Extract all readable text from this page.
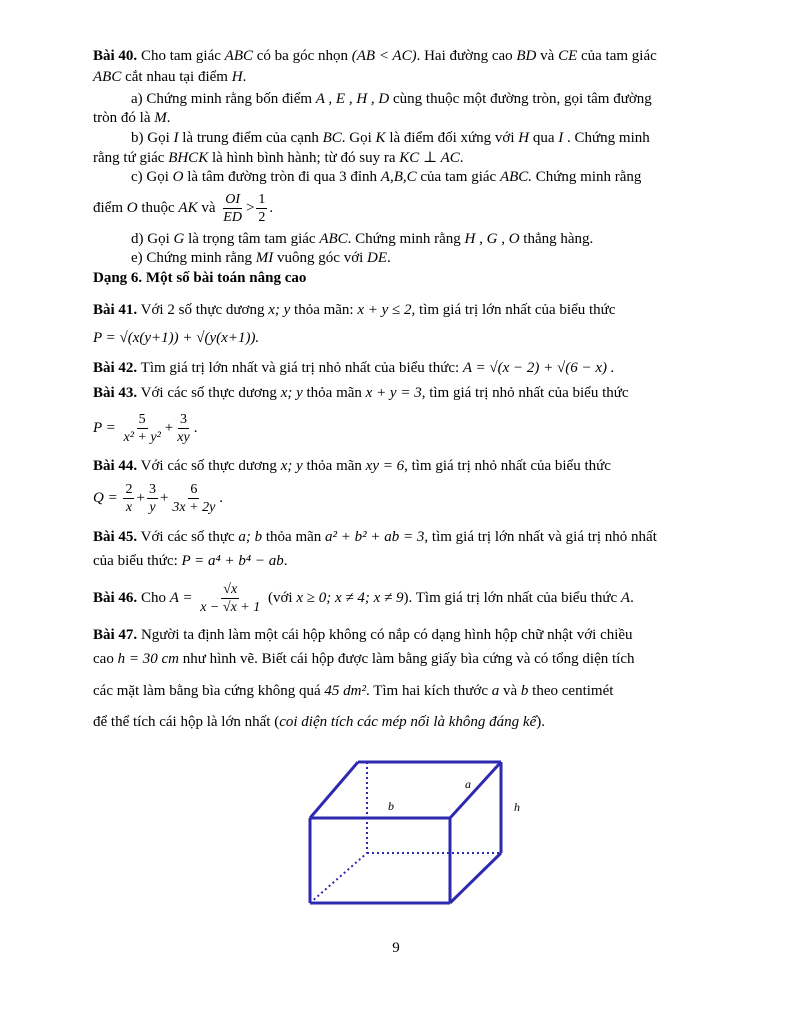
Bài 40. Cho tam giác ABC có ba góc nhọn (AB < AC). Hai đường cao BD và CE của tam giác
ABC cắt nhau tại điểm H.
a) Chứng minh rằng bốn điểm A , E , H , D cùng thuộc một đường tròn, gọi tâm đường
tròn đó là M.
b) Gọi I là trung điểm của cạnh BC. Gọi K là điểm đối xứng với H qua I . Chứng minh
rằng tứ giác BHCK là hình bình hành; từ đó suy ra KC ⊥ AC.
c) Gọi O là tâm đường tròn đi qua 3 đỉnh A,B,C của tam giác ABC. Chứng minh rằng
điểm O thuộc AK và $\frac{OI}{ED} > \frac{1}{2}$ .
d) Gọi G là trọng tâm tam giác ABC. Chứng minh rằng H , G , O thẳng hàng.
e) Chứng minh rằng MI vuông góc với DE.
Dạng 6. Một số bài toán nâng cao
Bài 41. Với 2 số thực dương x; y thỏa mãn: x + y ≤ 2, tìm giá trị lớn nhất của biểu thức
P = √(x(y+1)) + √(y(x+1)).
Bài 42. Tìm giá trị lớn nhất và giá trị nhỏ nhất của biểu thức: A = √(x − 2) + √(6 − x) .
Bài 43. Với các số thực dương x; y thỏa mãn x + y = 3, tìm giá trị nhỏ nhất của biểu thức
$P = \frac{5}{\text{x² + y²}} + \frac{3}{xy}$ .
Bài 44. Với các số thực dương x; y thỏa mãn xy = 6, tìm giá trị nhỏ nhất của biểu thức
$Q = \frac{2}{x} + \frac{3}{y} + \frac{6}{3x + 2y}$ .
Bài 45. Với các số thực a; b thỏa mãn a² + b² + ab = 3, tìm giá trị lớn nhất và giá trị nhỏ nhất
của biểu thức: P = a⁴ + b⁴ − ab.
Bài 46. Cho $A = \frac{√x}{x - √x + 1}$ (với x ≥ 0; x ≠ 4; x ≠ 9). Tìm giá trị lớn nhất của biểu thức A.
Bài 47. Người ta định làm một cái hộp không có nắp có dạng hình hộp chữ nhật với chiều
cao h = 30 cm như hình vẽ. Biết cái hộp được làm bằng giấy bìa cứng và có tổng diện tích
các mặt làm bằng bìa cứng không quá 45 dm². Tìm hai kích thước a và b theo centimét
để thể tích cái hộp là lớn nhất (coi diện tích các mép nối là không đáng kể).
a
b	h
9
